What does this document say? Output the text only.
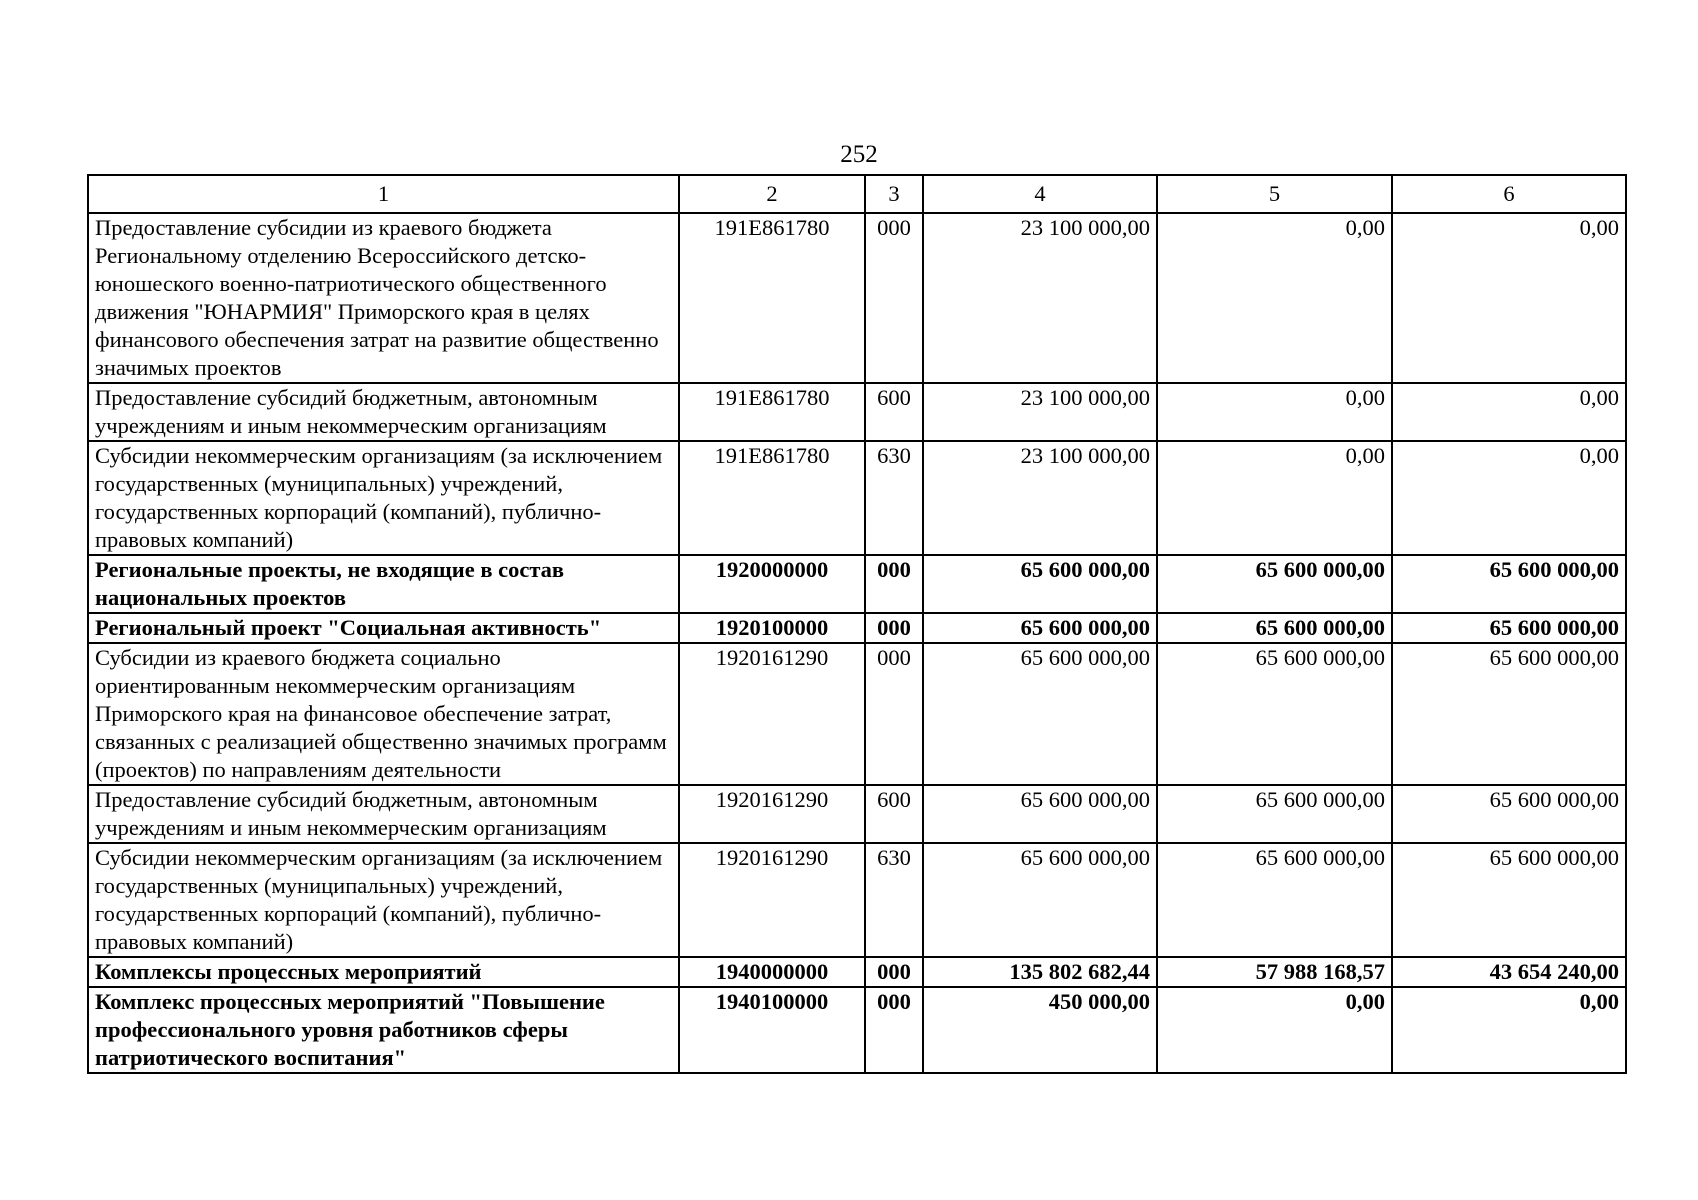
252
1	2	3	4	5	6
Предоставление субсидии из краевого бюджета Региональному отделению Всероссийского детско-юношеского военно-патриотического общественного движения "ЮНАРМИЯ" Приморского края в целях финансового обеспечения затрат на развитие общественно значимых проектов	191E861780	000	23 100 000,00	0,00	0,00
Предоставление субсидий бюджетным, автономным учреждениям и иным некоммерческим организациям	191E861780	600	23 100 000,00	0,00	0,00
Субсидии некоммерческим организациям (за исключением государственных (муниципальных) учреждений, государственных корпораций (компаний), публично-правовых компаний)	191E861780	630	23 100 000,00	0,00	0,00
Региональные проекты, не входящие в состав национальных проектов	1920000000	000	65 600 000,00	65 600 000,00	65 600 000,00
Региональный проект "Социальная активность"	1920100000	000	65 600 000,00	65 600 000,00	65 600 000,00
Субсидии из краевого бюджета социально ориентированным некоммерческим организациям Приморского края на финансовое обеспечение затрат, связанных с реализацией общественно значимых программ (проектов) по направлениям деятельности	1920161290	000	65 600 000,00	65 600 000,00	65 600 000,00
Предоставление субсидий бюджетным, автономным учреждениям и иным некоммерческим организациям	1920161290	600	65 600 000,00	65 600 000,00	65 600 000,00
Субсидии некоммерческим организациям (за исключением государственных (муниципальных) учреждений, государственных корпораций (компаний), публично-правовых компаний)	1920161290	630	65 600 000,00	65 600 000,00	65 600 000,00
Комплексы процессных мероприятий	1940000000	000	135 802 682,44	57 988 168,57	43 654 240,00
Комплекс процессных мероприятий "Повышение профессионального уровня работников сферы патриотического воспитания"	1940100000	000	450 000,00	0,00	0,00
